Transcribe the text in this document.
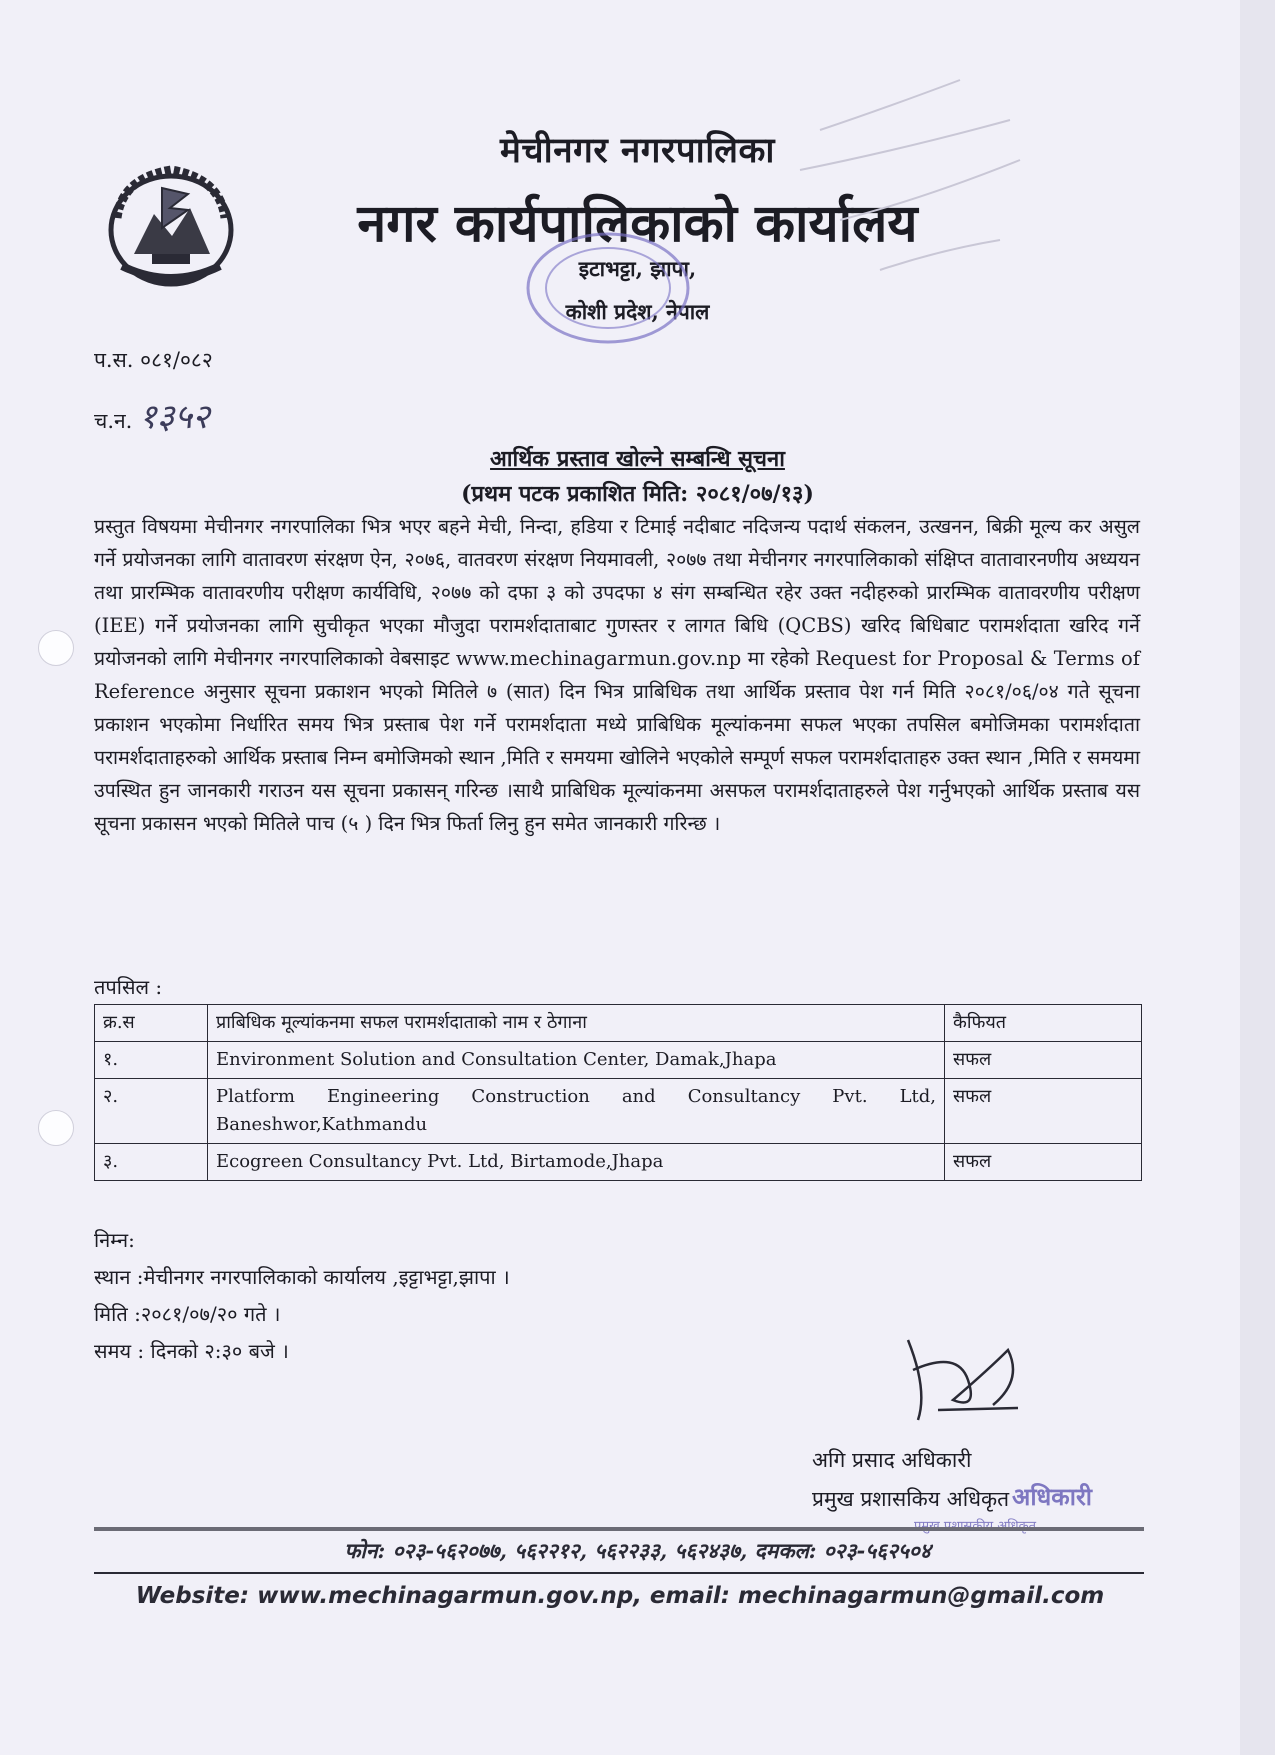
मेचीनगर नगरपालिका
नगर कार्यपालिकाको कार्यालय
इटाभट्टा, झापा,
कोशी प्रदेश, नेपाल
प.स. ०८१/०८२
च.न. १३५२
आर्थिक प्रस्ताव खोल्ने सम्बन्धि सूचना
(प्रथम पटक प्रकाशित मिति: २०८१/०७/१३)
प्रस्तुत विषयमा मेचीनगर नगरपालिका भित्र भएर बहने मेची, निन्दा, हडिया र टिमाई नदीबाट नदिजन्य पदार्थ संकलन, उत्खनन, बिक्री मूल्य कर असुल गर्ने प्रयोजनका लागि वातावरण संरक्षण ऐन, २०७६, वातवरण संरक्षण नियमावली, २०७७ तथा मेचीनगर नगरपालिकाको संक्षिप्त वातावारनणीय अध्ययन तथा प्रारम्भिक वातावरणीय परीक्षण कार्यविधि, २०७७ को दफा ३ को उपदफा ४ संग सम्बन्धित रहेर उक्त नदीहरुको प्रारम्भिक वातावरणीय परीक्षण (IEE) गर्ने प्रयोजनका लागि सुचीकृत भएका मौजुदा परामर्शदाताबाट गुणस्तर र लागत बिधि (QCBS) खरिद बिधिबाट परामर्शदाता खरिद गर्ने प्रयोजनको लागि मेचीनगर नगरपालिकाको वेबसाइट www.mechinagarmun.gov.np मा रहेको Request for Proposal & Terms of Reference अनुसार सूचना प्रकाशन भएको मितिले ७ (सात) दिन भित्र प्राबिधिक तथा आर्थिक प्रस्ताव पेश गर्न मिति २०८१/०६/०४ गते सूचना प्रकाशन भएकोमा निर्धारित समय भित्र प्रस्ताब पेश गर्ने परामर्शदाता मध्ये प्राबिधिक मूल्यांकनमा सफल भएका तपसिल बमोजिमका परामर्शदाता परामर्शदाताहरुको आर्थिक प्रस्ताब निम्न बमोजिमको स्थान ,मिति र समयमा खोलिने भएकोले सम्पूर्ण सफल परामर्शदाताहरु उक्त स्थान ,मिति र समयमा उपस्थित हुन जानकारी गराउन यस सूचना प्रकासन् गरिन्छ ।साथै प्राबिधिक मूल्यांकनमा असफल परामर्शदाताहरुले पेश गर्नुभएको आर्थिक प्रस्ताब यस सूचना प्रकासन भएको मितिले पाच (५ ) दिन भित्र फिर्ता लिनु हुन समेत जानकारी गरिन्छ ।
तपसिल :
क्र.स	प्राबिधिक मूल्यांकनमा सफल परामर्शदाताको नाम र ठेगाना	कैफियत
१.	Environment Solution and Consultation Center, Damak,Jhapa	सफल
२.	Platform Engineering Construction and Consultancy Pvt. Ltd,
Baneshwor,Kathmandu	सफल
३.	Ecogreen Consultancy Pvt. Ltd, Birtamode,Jhapa	सफल
निम्न:
स्थान :मेचीनगर नगरपालिकाको कार्यालय ,इट्टाभट्टा,झापा ।
मिति :२०८१/०७/२० गते ।
समय : दिनको २:३० बजे ।
अगि प्रसाद अधिकारी
प्रमुख प्रशासकिय अधिकृत अधिकारी
फोन: ०२३-५६२०७७, ५६२२१२, ५६२२३३, ५६२४३७, दमकल: ०२३-५६२५०४
Website: www.mechinagarmun.gov.np, email: mechinagarmun@gmail.com
